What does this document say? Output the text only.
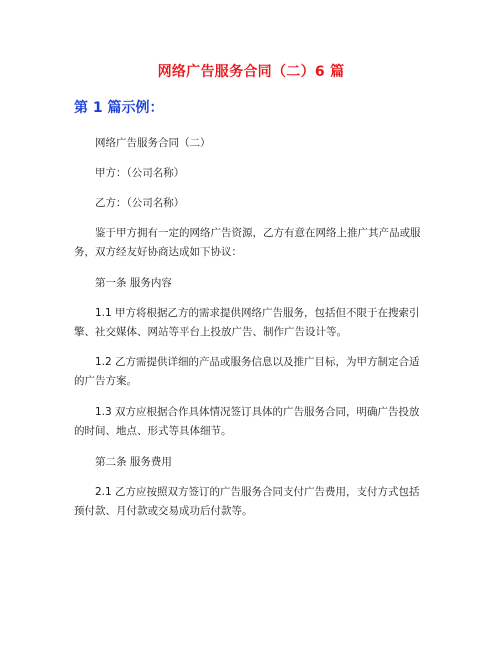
网络广告服务合同（二）6 篇
第 1 篇示例：

网络广告服务合同（二）

甲方：（公司名称）

乙方：（公司名称）

鉴于甲方拥有一定的网络广告资源，乙方有意在网络上推广其产品或服务，双方经友好协商达成如下协议：

第一条 服务内容

1.1 甲方将根据乙方的需求提供网络广告服务，包括但不限于在搜索引擎、社交媒体、网站等平台上投放广告、制作广告设计等。

1.2 乙方需提供详细的产品或服务信息以及推广目标，为甲方制定合适的广告方案。

1.3 双方应根据合作具体情况签订具体的广告服务合同，明确广告投放的时间、地点、形式等具体细节。

第二条 服务费用

2.1 乙方应按照双方签订的广告服务合同支付广告费用，支付方式包括预付款、月付款或交易成功后付款等。
